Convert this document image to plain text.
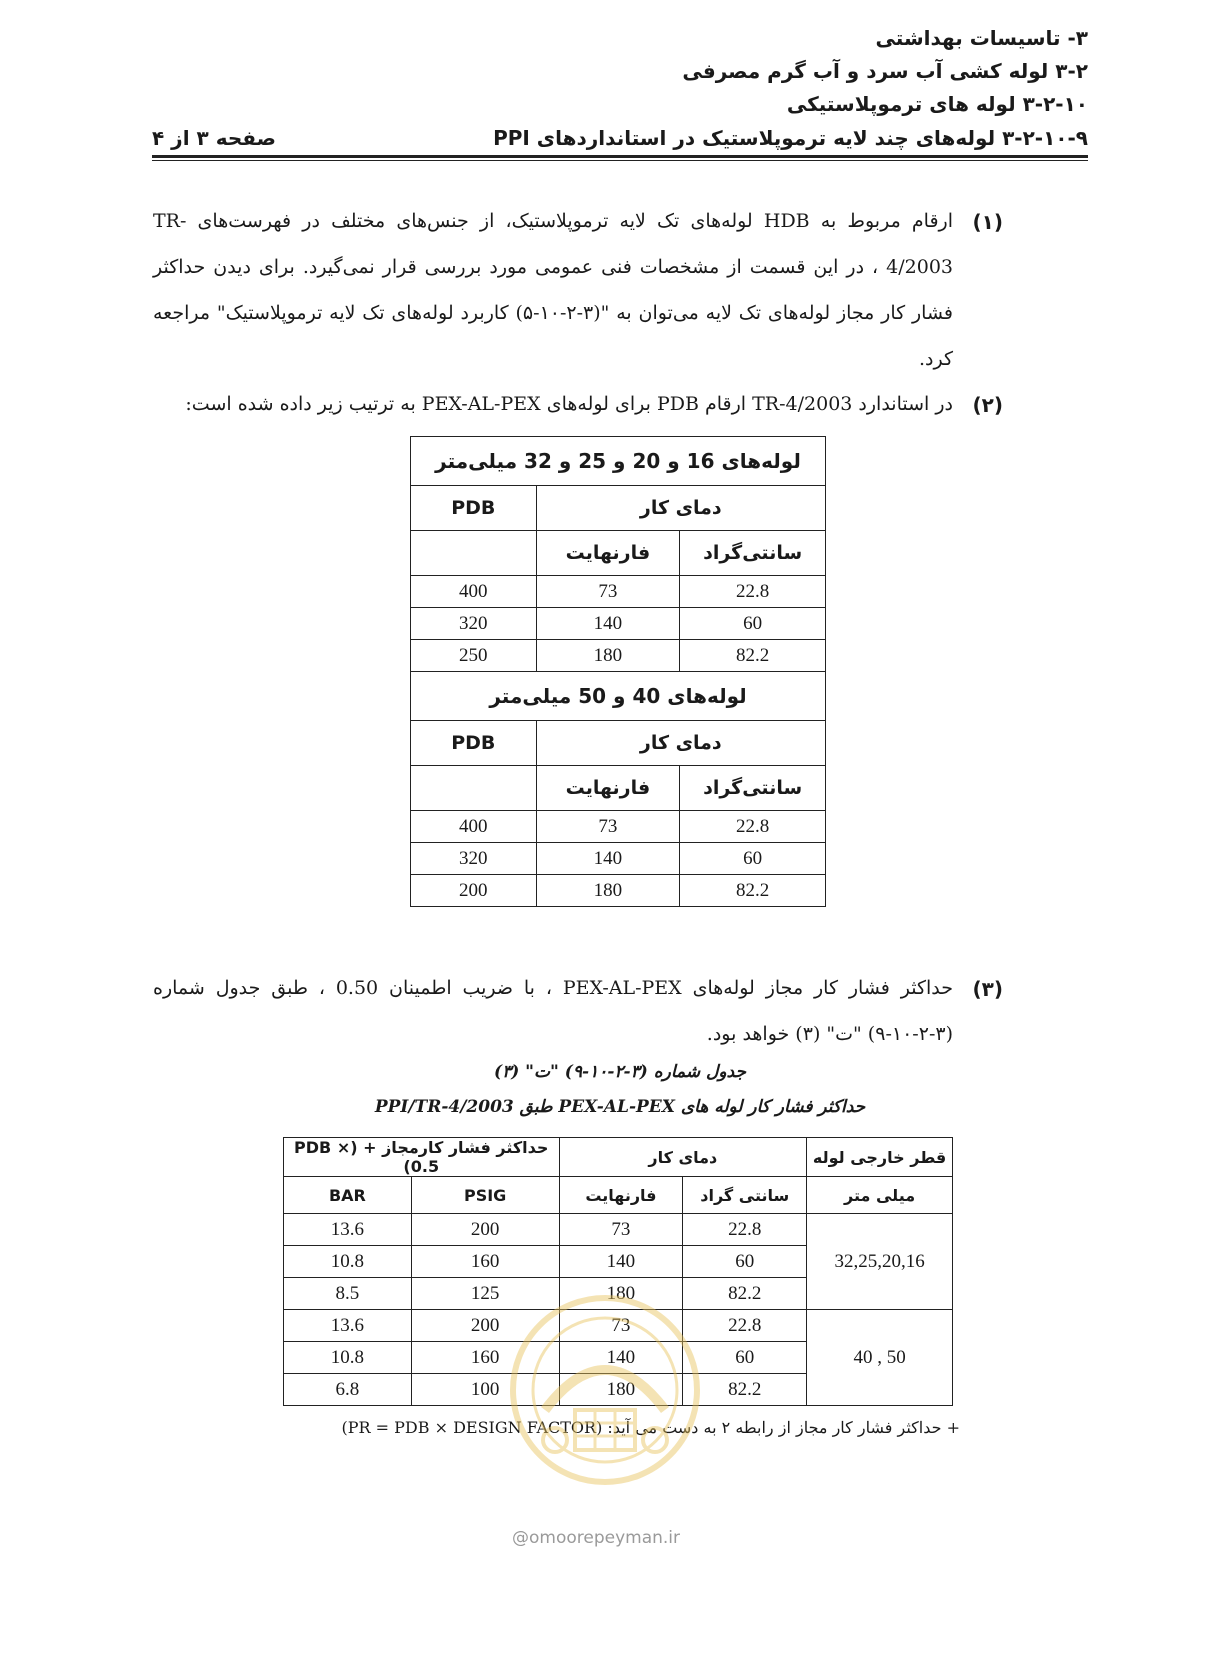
۳- تاسیسات بهداشتی
۳-۲ لوله کشی آب سرد و آب گرم مصرفی
۳-۲-۱۰ لوله های ترموپلاستیکی
۳-۲-۱۰-۹ لوله‌های چند لایه ترموپلاستیک در استانداردهای PPI
صفحه ۳ از ۴
(۱)
ارقام مربوط به HDB لوله‌های تک لایه ترموپلاستیک، از جنس‌های مختلف در فهرست‌های TR-4/2003 ، در این قسمت از مشخصات فنی عمومی مورد بررسی قرار نمی‌گیرد. برای دیدن حداکثر فشار کار مجاز لوله‌های تک لایه می‌توان به "(۳-۲-۱۰-۵) کاربرد لوله‌های تک لایه ترموپلاستیک" مراجعه کرد.
(۲)
در استاندارد TR-4/2003 ارقام PDB برای لوله‌های PEX-AL-PEX به ترتیب زیر داده شده است:
لوله‌های 16 و 20 و 25 و 32 میلی‌متر		
دمای کار		PDB
سانتی‌گراد	فارنهایت	
22.8	73	400
60	140	320
82.2	180	250
لوله‌های 40 و 50 میلی‌متر		
دمای کار		PDB
سانتی‌گراد	فارنهایت	
22.8	73	400
60	140	320
82.2	180	200
(۳)
حداکثر فشار کار مجاز لوله‌های PEX-AL-PEX ، با ضریب اطمینان 0.50 ، طبق جدول شماره (۳-۲-۱۰-۹) "ت" (۳) خواهد بود.
جدول شماره (۳-۲-۱۰-۹) "ت" (۳)
حداکثر فشار کار لوله های PEX-AL-PEX طبق PPI/TR-4/2003
قطر خارجی لوله	دمای کار		حداکثر فشار کارمجاز + (PDB × 0.5)	
میلی متر	سانتی گراد	فارنهایت	PSIG	BAR
32,25,20,16	22.8	73	200	13.6
	60	140	160	10.8
	82.2	180	125	8.5
50 , 40	22.8	73	200	13.6
	60	140	160	10.8
	82.2	180	100	6.8
+ حداکثر فشار کار مجاز از رابطه ۲ به دست می آید: (PR = PDB × DESIGN FACTOR)
@omoorepeyman.ir
